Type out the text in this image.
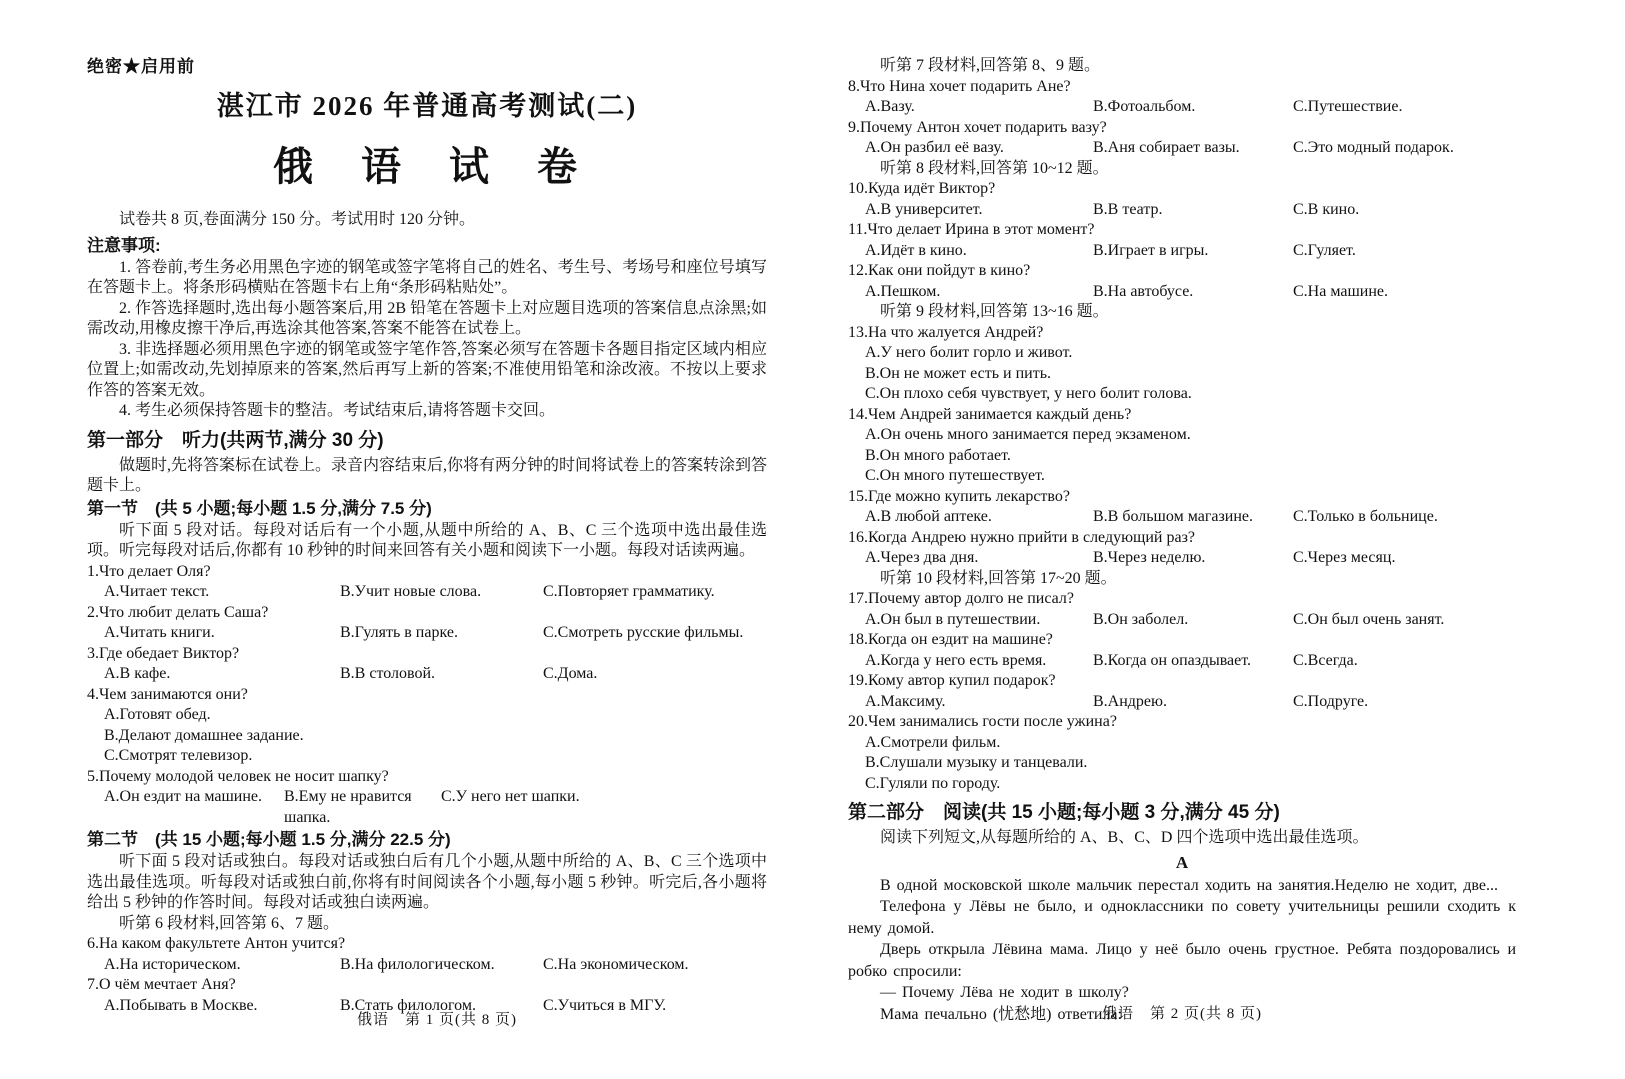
绝密★启用前
湛江市 2026 年普通高考测试(二)
俄　语　试　卷
试卷共 8 页,卷面满分 150 分。考试用时 120 分钟。
注意事项:
1. 答卷前,考生务必用黑色字迹的钢笔或签字笔将自己的姓名、考生号、考场号和座位号填写在答题卡上。将条形码横贴在答题卡右上角“条形码粘贴处”。
2. 作答选择题时,选出每小题答案后,用 2B 铅笔在答题卡上对应题目选项的答案信息点涂黑;如需改动,用橡皮擦干净后,再选涂其他答案,答案不能答在试卷上。
3. 非选择题必须用黑色字迹的钢笔或签字笔作答,答案必须写在答题卡各题目指定区域内相应位置上;如需改动,先划掉原来的答案,然后再写上新的答案;不准使用铅笔和涂改液。不按以上要求作答的答案无效。
4. 考生必须保持答题卡的整洁。考试结束后,请将答题卡交回。
第一部分　听力(共两节,满分 30 分)
做题时,先将答案标在试卷上。录音内容结束后,你将有两分钟的时间将试卷上的答案转涂到答题卡上。
第一节　(共 5 小题;每小题 1.5 分,满分 7.5 分)
听下面 5 段对话。每段对话后有一个小题,从题中所给的 A、B、C 三个选项中选出最佳选项。听完每段对话后,你都有 10 秒钟的时间来回答有关小题和阅读下一小题。每段对话读两遍。
1.Что делает Оля?
A.Читает текст.	B.Учит новые слова.	C.Повторяет грамматику.
2.Что любит делать Саша?
A.Читать книги.	B.Гулять в парке.	C.Смотреть русские фильмы.
3.Где обедает Виктор?
A.В кафе.	B.В столовой.	C.Дома.
4.Чем занимаются они?
A.Готовят обед.
B.Делают домашнее задание.
C.Смотрят телевизор.
5.Почему молодой человек не носит шапку?
A.Он ездит на машине.	B.Ему не нравится шапка.
C.У него нет шапки.
第二节　(共 15 小题;每小题 1.5 分,满分 22.5 分)
听下面 5 段对话或独白。每段对话或独白后有几个小题,从题中所给的 A、B、C 三个选项中选出最佳选项。听每段对话或独白前,你将有时间阅读各个小题,每小题 5 秒钟。听完后,各小题将给出 5 秒钟的作答时间。每段对话或独白读两遍。
听第 6 段材料,回答第 6、7 题。
6.На каком факультете Антон учится?
A.На историческом.	B.На филологическом.	C.На экономическом.
7.О чём мечтает Аня?
A.Побывать в Москве.	B.Стать филологом.	C.Учиться в МГУ.
俄语　第 1 页(共 8 页)
听第 7 段材料,回答第 8、9 题。
8.Что Нина хочет подарить Ане?
A.Вазу.	B.Фотоальбом.	C.Путешествие.
9.Почему Антон хочет подарить вазу?
A.Он разбил её вазу.	B.Аня собирает вазы.	C.Это модный подарок.
听第 8 段材料,回答第 10~12 题。
10.Куда идёт Виктор?
A.В университет.	B.В театр.	C.В кино.
11.Что делает Ирина в этот момент?
A.Идёт в кино.	B.Играет в игры.	C.Гуляет.
12.Как они пойдут в кино?
A.Пешком.	B.На автобусе.	C.На машине.
听第 9 段材料,回答第 13~16 题。
13.На что жалуется Андрей?
A.У него болит горло и живот.
B.Он не может есть и пить.
C.Он плохо себя чувствует, у него болит голова.
14.Чем Андрей занимается каждый день?
A.Он очень много занимается перед экзаменом.
B.Он много работает.
C.Он много путешествует.
15.Где можно купить лекарство?
A.В любой аптеке.	B.В большом магазине.	C.Только в больнице.
16.Когда Андрею нужно прийти в следующий раз?
A.Через два дня.	B.Через неделю.	C.Через месяц.
听第 10 段材料,回答第 17~20 题。
17.Почему автор долго не писал?
A.Он был в путешествии.	B.Он заболел.	C.Он был очень занят.
18.Когда он ездит на машине?
A.Когда у него есть время.	B.Когда он опаздывает.	C.Всегда.
19.Кому автор купил подарок?
A.Максиму.	B.Андрею.	C.Подруге.
20.Чем занимались гости после ужина?
A.Смотрели фильм.
B.Слушали музыку и танцевали.
C.Гуляли по городу.
第二部分　阅读(共 15 小题;每小题 3 分,满分 45 分)
阅读下列短文,从每题所给的 A、B、C、D 四个选项中选出最佳选项。
A
В одной московской школе мальчик перестал ходить на занятия.Неделю не ходит, две...
Телефона у Лёвы не было, и одноклассники по совету учительницы решили сходить к нему домой.
Дверь открыла Лёвина мама. Лицо у неё было очень грустное. Ребята поздоровались и робко спросили:
— Почему Лёва не ходит в школу?
Мама печально (忧愁地) ответила:
俄语　第 2 页(共 8 页)
